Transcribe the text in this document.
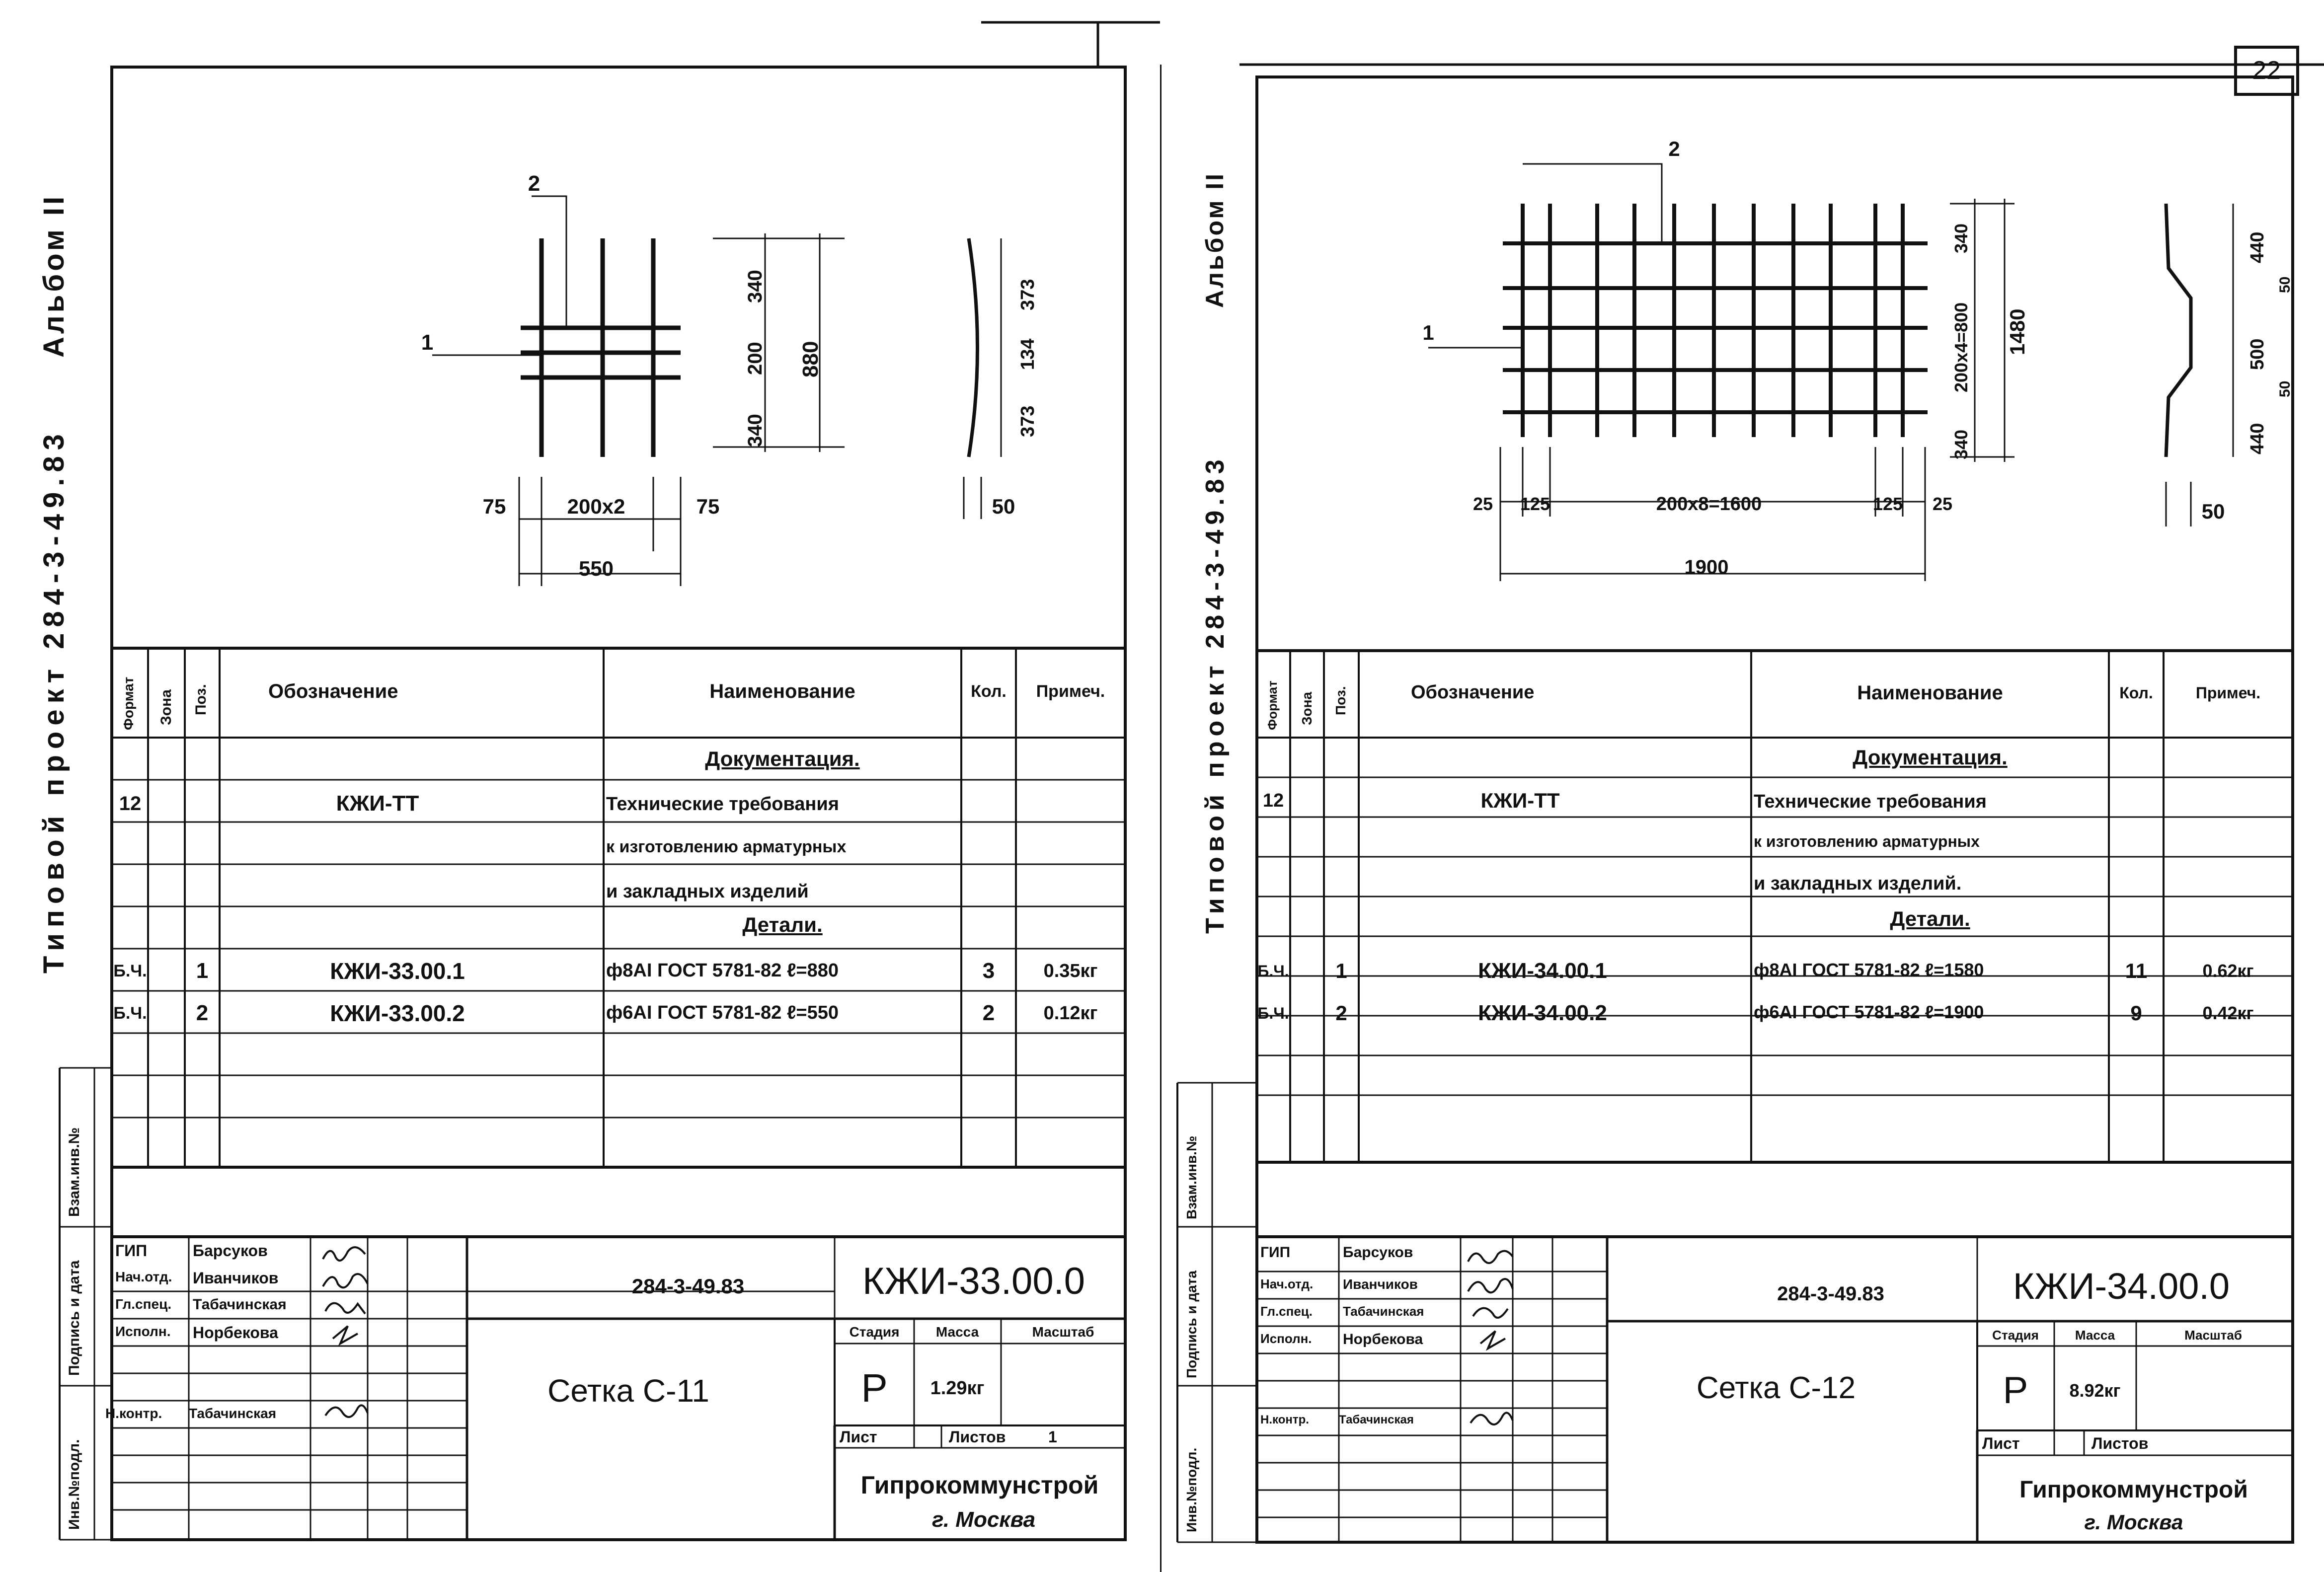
Альбом II
Типовой проект 284-3-49.83
Инв.№подл.
Подпись и дата
Взам.инв.№
1
2
75	200x2	75
550
340
200
340
880
373
134
373
50
Формат Зона Поз.	Обозначение	Наименование	Кол. Примеч.
Документация.
12	КЖИ-ТТ	Технические требования
к изготовлению арматурных
и закладных изделий
Детали.
Б.Ч. 1	КЖИ-33.00.1	ф8АI ГОСТ 5781-82 ℓ=880	3	0.35кг
Б.Ч. 2	КЖИ-33.00.2	ф6АI ГОСТ 5781-82 ℓ=550	2	0.12кг
ГИП	Барсуков
Нач.отд. Иванчиков
Гл.спец. Табачинская
Исполн. Норбекова
Н.контр. Табачинская
284-3-49.83	КЖИ-33.00.0
Сетка С-11
Стадия	Масса	Масштаб
Р 1.29кг
Лист	Листов	1
Гипрокоммунстрой
г. Москва
22
Альбом II
Типовой проект 284-3-49.83
Инв.№подл.
Подпись и дата
Взам.инв.№
1
2
25 125	200x8=1600	125 25
1900
340
200x4=800
340
1480
440
500
440
50
50
50
Формат Зона Поз.	Обозначение	Наименование	Кол.	Примеч.
Документация.
12	КЖИ-ТТ	Технические требования
к изготовлению арматурных
и закладных изделий.
Детали.
Б.Ч. 1	КЖИ-34.00.1	ф8АI ГОСТ 5781-82 ℓ=1580	11	0.62кг
Б.Ч. 2	КЖИ-34.00.2	ф6АI ГОСТ 5781-82 ℓ=1900	9	0.42кг
ГИП	Барсуков
Нач.отд. Иванчиков
Гл.спец. Табачинская
Исполн. Норбекова
Н.контр.	Табачинская
284-3-49.83	КЖИ-34.00.0
Сетка С-12
Стадия	Масса	Масштаб
Р 8.92кг
Лист	Листов
Гипрокоммунстрой
г. Москва
